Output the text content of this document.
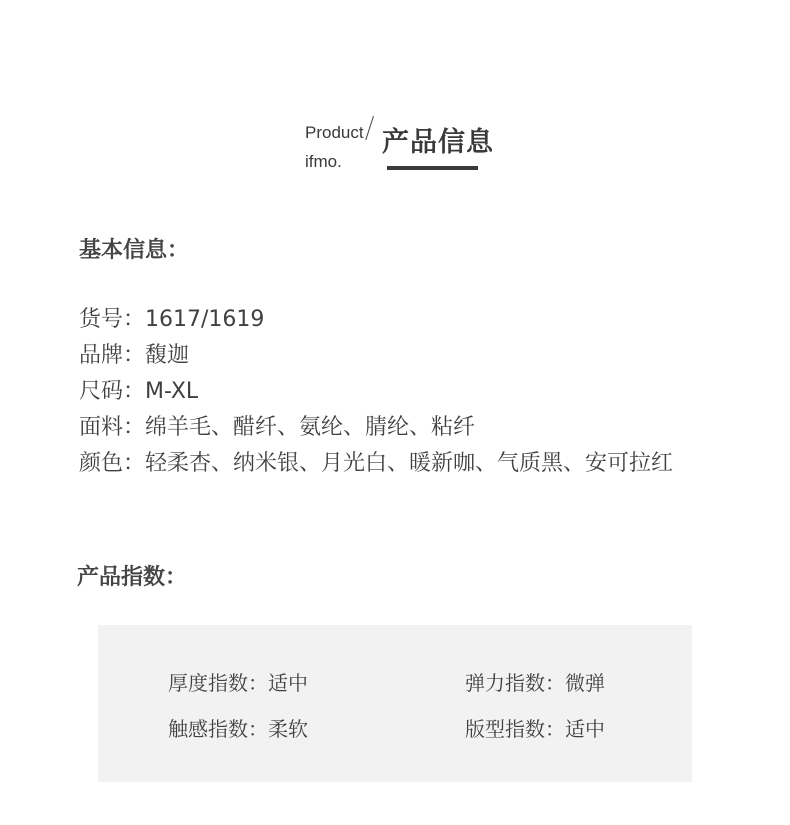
Product
ifmo.
产品信息
基本信息：
货号：1617/1619
品牌：馥迦
尺码：M-XL
面料：绵羊毛、醋纤、氨纶、腈纶、粘纤
颜色：轻柔杏、纳米银、月光白、暖新咖、气质黑、安可拉红
产品指数：
厚度指数：适中	弹力指数：微弹
触感指数：柔软	版型指数：适中
